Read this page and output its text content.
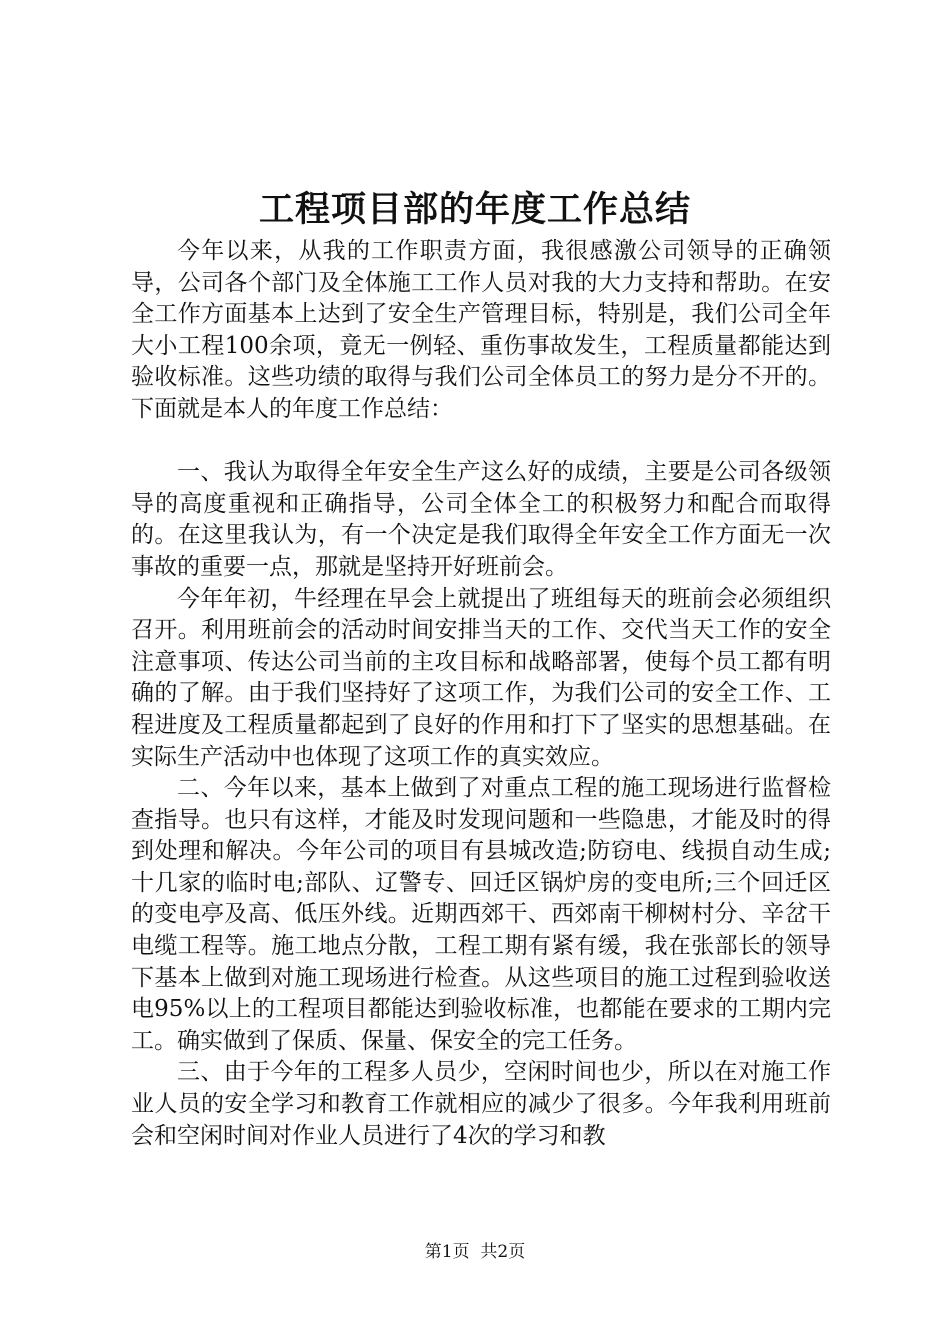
工程项目部的年度工作总结

今年以来，从我的工作职责方面，我很感激公司领导的正确领导，公司各个部门及全体施工工作人员对我的大力支持和帮助。在安全工作方面基本上达到了安全生产管理目标，特别是，我们公司全年大小工程100余项，竟无一例轻、重伤事故发生，工程质量都能达到验收标准。这些功绩的取得与我们公司全体员工的努力是分不开的。下面就是本人的年度工作总结：

一、我认为取得全年安全生产这么好的成绩，主要是公司各级领导的高度重视和正确指导，公司全体全工的积极努力和配合而取得的。在这里我认为，有一个决定是我们取得全年安全工作方面无一次事故的重要一点，那就是坚持开好班前会。

今年年初，牛经理在早会上就提出了班组每天的班前会必须组织召开。利用班前会的活动时间安排当天的工作、交代当天工作的安全注意事项、传达公司当前的主攻目标和战略部署，使每个员工都有明确的了解。由于我们坚持好了这项工作，为我们公司的安全工作、工程进度及工程质量都起到了良好的作用和打下了坚实的思想基础。在实际生产活动中也体现了这项工作的真实效应。

二、今年以来，基本上做到了对重点工程的施工现场进行监督检查指导。也只有这样，才能及时发现问题和一些隐患，才能及时的得到处理和解决。今年公司的项目有县城改造;防窃电、线损自动生成;十几家的临时电;部队、辽警专、回迁区锅炉房的变电所;三个回迁区的变电亭及高、低压外线。近期西郊干、西郊南干柳树村分、辛岔干电缆工程等。施工地点分散，工程工期有紧有缓，我在张部长的领导下基本上做到对施工现场进行检查。从这些项目的施工过程到验收送电95%以上的工程项目都能达到验收标准，也都能在要求的工期内完工。确实做到了保质、保量、保安全的完工任务。

三、由于今年的工程多人员少，空闲时间也少，所以在对施工作业人员的安全学习和教育工作就相应的减少了很多。今年我利用班前会和空闲时间对作业人员进行了4次的学习和教

第1页 共2页
